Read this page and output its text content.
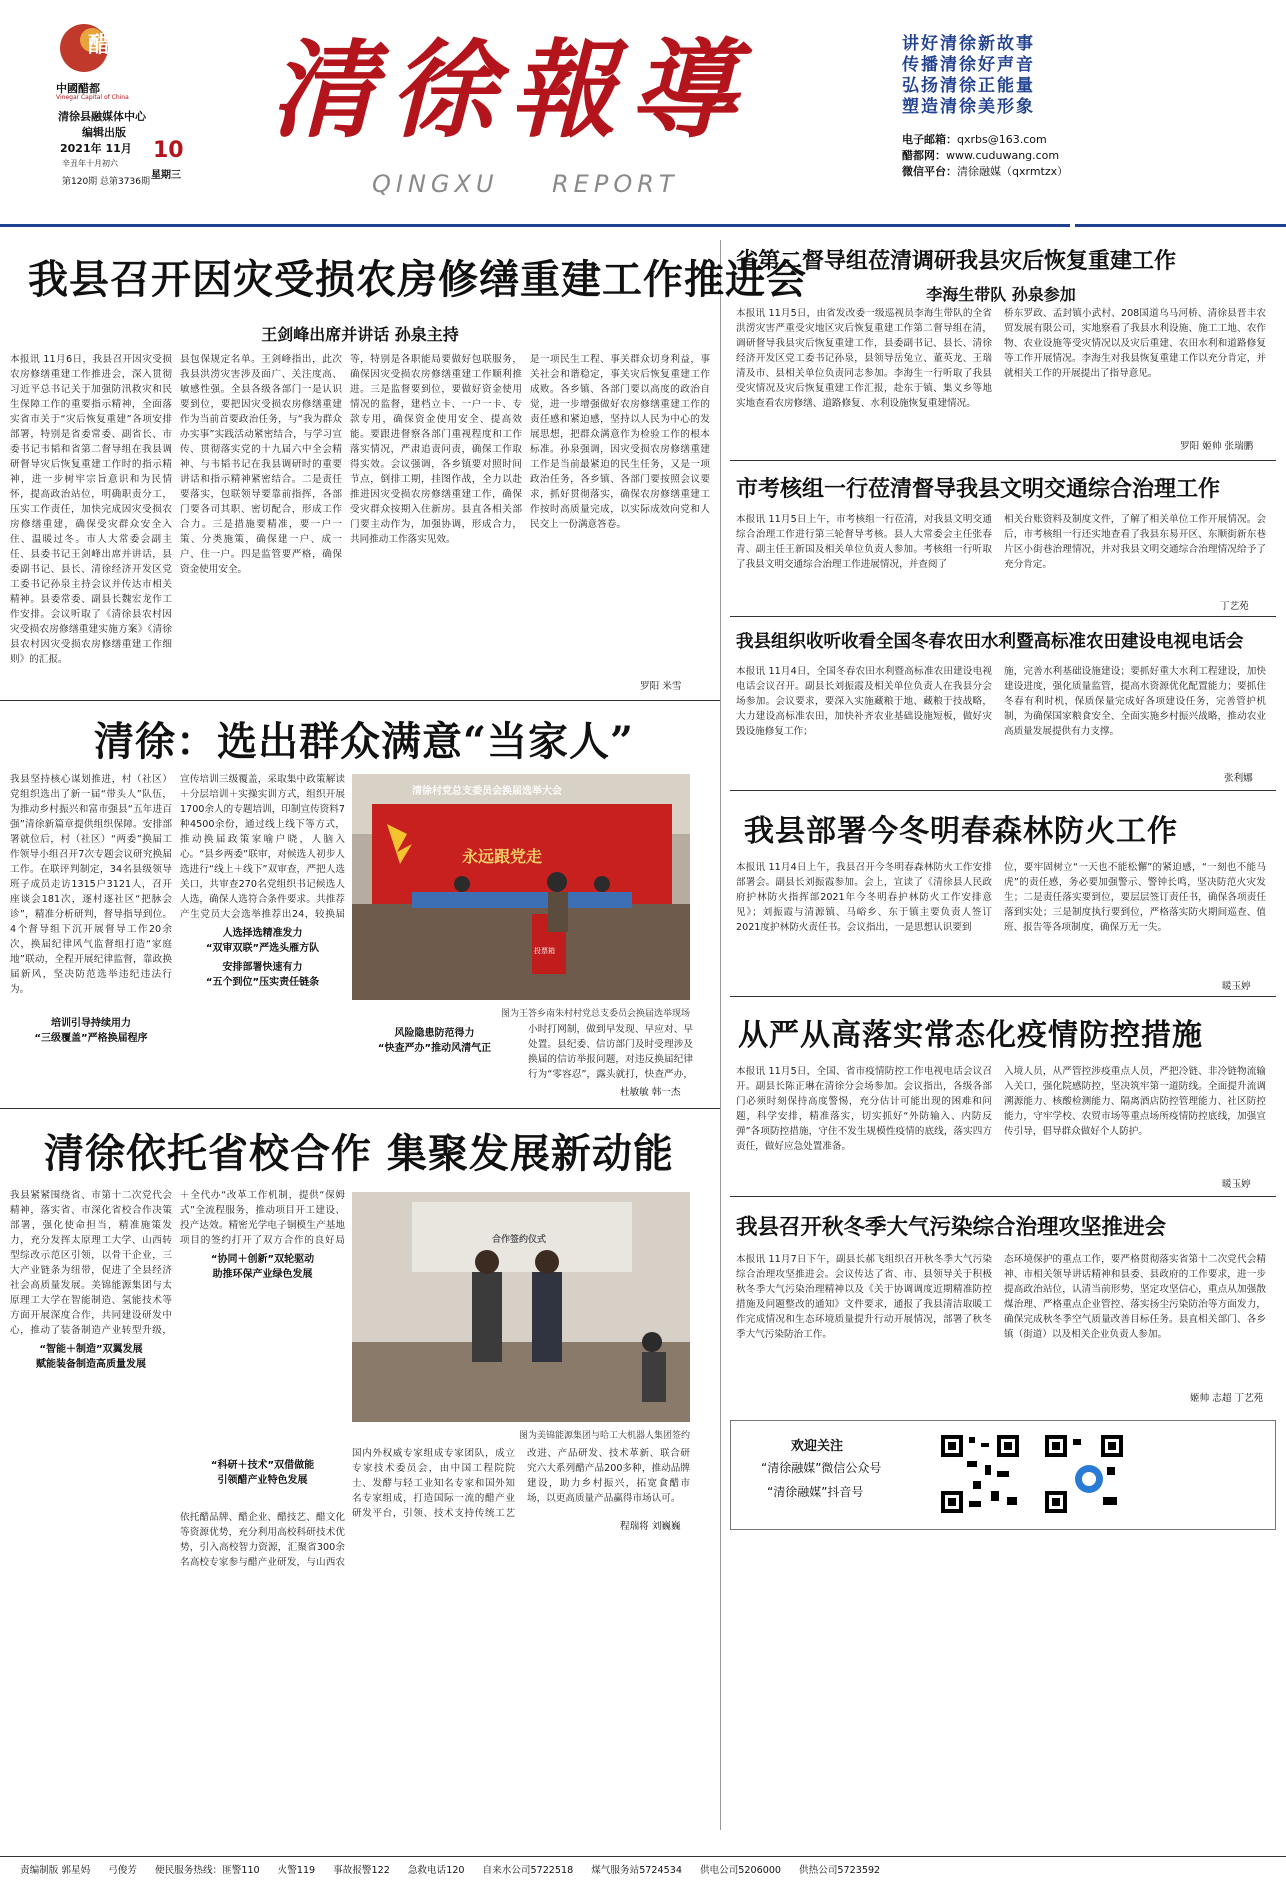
醋
中國醋都
Vinegar Capital of China
清徐县融媒体中心
编辑出版
2021年 11月 10
辛丑年十月初六
星期三
第120期 总第3736期
清徐報導
QINGXU REPORT
讲好清徐新故事
传播清徐好声音
弘扬清徐正能量
塑造清徐美形象
电子邮箱：qxrbs@163.com
醋都网：www.cuduwang.com
微信平台：清徐融媒（qxrmtzx）
我县召开因灾受损农房修缮重建工作推进会
王剑峰出席并讲话 孙泉主持
本报讯 11月6日，我县召开因灾受损农房修缮重建工作推进会，深入贯彻习近平总书记关于加强防汛救灾和民生保障工作的重要指示精神，全面落实省市关于“灾后恢复重建”各项安排部署，特别是省委常委、副省长、市委书记韦韬和省第二督导组在我县调研督导灾后恢复重建工作时的指示精神，进一步树牢宗旨意识和为民情怀，提高政治站位，明确职责分工，压实工作责任，加快完成因灾受损农房修缮重建，确保受灾群众安全入住、温暖过冬。市人大常委会副主任、县委书记王剑峰出席并讲话，县委副书记、县长、清徐经济开发区党工委书记孙泉主持会议并传达市相关精神。县委常委、副县长魏宏龙作工作安排。会议听取了《清徐县农村因灾受损农房修缮重建实施方案》《清徐县农村因灾受损农房修缮重建工作细则》的汇报。
县包保规定名单。王剑峰指出，此次我县洪涝灾害涉及面广、关注度高、敏感性强。全县各级各部门一是认识要到位，要把因灾受损农房修缮重建作为当前首要政治任务，与“我为群众办实事”实践活动紧密结合，与学习宣传、贯彻落实党的十九届六中全会精神、与韦韬书记在我县调研时的重要讲话和指示精神紧密结合。二是责任要落实，包联领导要靠前指挥，各部门要各司其职、密切配合，形成工作合力。三是措施要精准，要一户一策、分类施策，确保建一户、成一户、住一户。四是监管要严格，确保资金使用安全。
等，特别是各职能局要做好包联服务，确保因灾受损农房修缮重建工作顺利推进。三是监督要到位，要做好资金使用情况的监督，建档立卡、一户一卡、专款专用，确保资金使用安全、提高效能。要跟进督察各部门重视程度和工作落实情况，严肃追责问责，确保工作取得实效。会议强调，各乡镇要对照时间节点，倒排工期，挂图作战，全力以赴推进因灾受损农房修缮重建工作，确保受灾群众按期入住新房。县直各相关部门要主动作为，加强协调，形成合力，共同推动工作落实见效。
是一项民生工程、事关群众切身利益，事关社会和谐稳定，事关灾后恢复重建工作成败。各乡镇、各部门要以高度的政治自觉，进一步增强做好农房修缮重建工作的责任感和紧迫感，坚持以人民为中心的发展思想，把群众满意作为检验工作的根本标准。孙泉强调，因灾受损农房修缮重建工作是当前最紧迫的民生任务，又是一项政治任务，各乡镇、各部门要按照会议要求，抓好贯彻落实，确保农房修缮重建工作按时高质量完成，以实际成效向党和人民交上一份满意答卷。
罗阳 米雪
清徐：选出群众满意“当家人”
我县坚持核心谋划推进，村（社区）党组织选出了新一届“带头人”队伍，为推动乡村振兴和富市强县“五年进百强”清徐新篇章提供组织保障。安排部署就位后，村（社区）“两委”换届工作领导小组召开7次专题会议研究换届工作。在联评判制定，34名县级领导班子成员走访1315户3121人，召开座谈会181次，逐村逐社区“把脉会诊”，精准分析研判，督导指导到位。4个督导组下沉开展督导工作20余次，换届纪律风气监督组打造“家庭地”联动，全程开展纪律监督，靠政换届新风，坚决防范选举违纪违法行为。
培训引导持续用力
“三级覆盖”严格换届程序
宣传培训三级覆盖，采取集中政策解读＋分层培训＋实操实训方式，组织开展1700余人的专题培训，印制宣传资料7种4500余份，通过线上线下等方式，推动换届政策家喻户晓，人脑入心。“县乡两委”联审，对候选人初步人选进行“线上＋线下”双审查，严把人选关口，共审查270名党组织书记候选人人选，确保人选符合条件要求。共推荐产生党员大会选举推荐出24，较换届
人选择选精准发力
“双审双联”严选头雁方队
安排部署快速有力
“五个到位”压实责任链条
清徐村党总支委员会换届选举大会
永远跟党走
投票箱
图为王答乡南朱村村党总支委员会换届选举现场
风险隐患防范得力
“快查严办”推动风清气正
小时打网制，做到早发现、早应对、早处置。县纪委、信访部门及时受理涉及换届的信访举报问题，对违反换届纪律行为“零容忍”，露头就打，快查严办，
杜敏敏 韩一杰
清徐依托省校合作 集聚发展新动能
我县紧紧围绕省、市第十二次党代会精神，落实省、市深化省校合作决策部署，强化使命担当，精准施策发力，充分发挥太原理工大学、山西转型综改示范区引领，以骨干企业，三大产业链条为纽带，促进了全县经济社会高质量发展。美锦能源集团与太原理工大学在智能制造、氢能技术等方面开展深度合作，共同建设研发中心，推动了装备制造产业转型升级，
“智能＋制造”双翼发展
赋能装备制造高质量发展
＋全代办“改革工作机制，提供“保姆式”全流程服务，推动项目开工建设、投产达效。精密光学电子铜模生产基地项目的签约打开了双方合作的良好局
“协同＋创新”双轮驱动
助推环保产业绿色发展
“科研＋技术”双借做能
引领醋产业特色发展
依托醋品牌、醋企业、醋技艺、醋文化等资源优势，充分利用高校科研技术优势，引入高校智力资源，汇聚省300余名高校专家参与醋产业研发，与山西农
合作签约仪式
图为美锦能源集团与哈工大机器人集团签约
国内外权威专家组成专家团队，成立专家技术委员会，由中国工程院院士、发酵与轻工业知名专家和国外知名专家组成，打造国际一流的醋产业研发平台，引领、技术支持传统工艺改进、产品研发、技术革新、联合研究六大系列醋产品200多种，推动品牌建设，助力乡村振兴，拓宽食醋市场，以更高质量产品赢得市场认可。
程瑞将 刘巍巍
省第二督导组莅清调研我县灾后恢复重建工作
李海生带队 孙泉参加
本报讯 11月5日，由省发改委一级巡视员李海生带队的全省洪涝灾害严重受灾地区灾后恢复重建工作第二督导组在清，调研督导我县灾后恢复重建工作，县委副书记、县长、清徐经济开发区党工委书记孙泉，县领导岳兔立、董英龙、王瑞清及市、县相关单位负责同志参加。李海生一行听取了我县受灾情况及灾后恢复重建工作汇报，赴东于镇、集义乡等地实地查看农房修缮、道路修复、水利设施恢复重建情况。
桥东罗政、孟封镇小武村、208国道乌马河桥、清徐县晋丰农贸发展有限公司，实地察看了我县水利设施、施工工地、农作物、农业设施等受灾情况以及灾后重建、农田水利和道路修复等工作开展情况。李海生对我县恢复重建工作以充分肯定，并就相关工作的开展提出了指导意见。
罗阳 姬帅 张瑞鹏
市考核组一行莅清督导我县文明交通综合治理工作
本报讯 11月5日上午，市考核组一行莅清，对我县文明交通综合治理工作进行第三轮督导考核。县人大常委会主任张春青、副主任王新国及相关单位负责人参加。考核组一行听取了我县文明交通综合治理工作进展情况，并查阅了
相关台账资料及制度文件，了解了相关单位工作开展情况。会后，市考核组一行还实地查看了我县东易开区、东顺街新东巷片区小街巷治理情况，并对我县文明交通综合治理情况给予了充分肯定。
丁艺苑
我县组织收听收看全国冬春农田水利暨高标准农田建设电视电话会
本报讯 11月4日，全国冬春农田水利暨高标准农田建设电视电话会议召开。副县长刘振霞及相关单位负责人在我县分会场参加。会议要求，要深入实施藏粮于地、藏粮于技战略，大力建设高标准农田，加快补齐农业基础设施短板，做好灾毁设施修复工作；
施，完善水利基础设施建设；要抓好重大水利工程建设，加快建设进度，强化质量监管，提高水资源优化配置能力；要抓住冬春有利时机，保质保量完成好各项建设任务，完善管护机制，为确保国家粮食安全、全面实施乡村振兴战略，推动农业高质量发展提供有力支撑。
张利娜
我县部署今冬明春森林防火工作
本报讯 11月4日上午，我县召开今冬明春森林防火工作安排部署会。副县长刘振霞参加。会上，宣读了《清徐县人民政府护林防火指挥部2021年今冬明春护林防火工作安排意见》；刘振霞与清源镇、马峪乡、东于镇主要负责人签订2021度护林防火责任书。会议指出，一是思想认识要到
位，要牢固树立“一天也不能松懈”的紧迫感，“一刻也不能马虎”的责任感，务必要加强警示、警钟长鸣，坚决防范火灾发生；二是责任落实要到位，要层层签订责任书，确保各项责任落到实处；三是制度执行要到位，严格落实防火期间巡查、值班、报告等各项制度，确保万无一失。
暖玉婷
从严从高落实常态化疫情防控措施
本报讯 11月5日，全国、省市疫情防控工作电视电话会议召开。副县长陈正琳在清徐分会场参加。会议指出，各级各部门必须时刻保持高度警惕，充分估计可能出现的困难和问题，科学安排，精准落实，切实抓好“外防输入、内防反弹”各项防控措施，守住不发生规模性疫情的底线，落实四方责任，做好应急处置准备。
入境人员，从严管控涉疫重点人员，严把冷链、非冷链物流输入关口，强化院感防控，坚决筑牢第一道防线。全面提升流调溯源能力、核酸检测能力、隔离酒店防控管理能力、社区防控能力，守牢学校、农贸市场等重点场所疫情防控底线，加强宣传引导，倡导群众做好个人防护。
暖玉婷
我县召开秋冬季大气污染综合治理攻坚推进会
本报讯 11月7日下午，副县长郝飞组织召开秋冬季大气污染综合治理攻坚推进会。会议传达了省、市、县领导关于积极秋冬季大气污染治理精神以及《关于协调调度近期精准防控措施及问题整改的通知》文件要求，通报了我县清洁取暖工作完成情况和生态环境质量提升行动开展情况，部署了秋冬季大气污染防治工作。
态环境保护的重点工作，要严格贯彻落实省第十二次党代会精神、市相关领导讲话精神和县委、县政府的工作要求，进一步提高政治站位，认清当前形势，坚定攻坚信心，重点从加强散煤治理、严格重点企业管控、落实扬尘污染防治等方面发力，确保完成秋冬季空气质量改善目标任务。县直相关部门、各乡镇（街道）以及相关企业负责人参加。
姬帅 志超 丁艺苑
欢迎关注
“清徐融媒”微信公众号
“清徐融媒”抖音号
责编制版 郭星妈 弓俊芳 便民服务热线：匪警110 火警119 事故报警122 急救电话120 自来水公司5722518 煤气服务站5724534 供电公司5206000 供热公司5723592
